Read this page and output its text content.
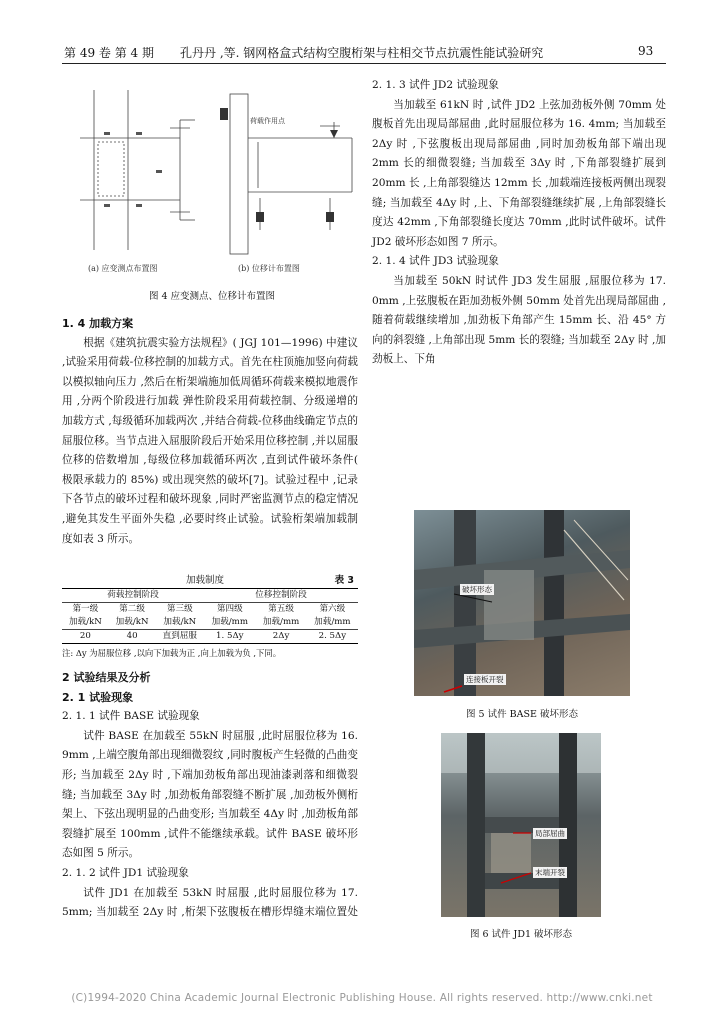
第 49 卷 第 4 期 孔丹丹 ,等. 钢网格盒式结构空腹桁架与柱相交节点抗震性能试验研究	93
荷载作用点
(a) 应变测点布置图	(b) 位移计布置图
图 4 应变测点、位移计布置图

1. 4 加载方案

根据《建筑抗震实验方法规程》( JGJ 101—1996) 中建议 ,试验采用荷载-位移控制的加载方式。首先在柱顶施加竖向荷载以模拟轴向压力 ,然后在桁架端施加低周循环荷载来模拟地震作用 ,分两个阶段进行加载 弹性阶段采用荷载控制、分级递增的加载方式 ,每级循环加载两次 ,并结合荷载-位移曲线确定节点的屈服位移。当节点进入屈服阶段后开始采用位移控制 ,并以屈服位移的倍数增加 ,每级位移加载循环两次 ,直到试件破坏条件( 极限承载力的 85%) 或出现突然的破坏[7]。试验过程中 ,记录下各节点的破坏过程和破坏现象 ,同时严密监测节点的稳定情况 ,避免其发生平面外失稳 ,必要时终止试验。试验桁架端加载制度如表 3 所示。

加载制度	表 3
荷载控制阶段			位移控制阶段		
第一级	第二级	第三级	第四级	第五级	第六级
加载/kN	加载/kN	加载/kN	加载/mm	加载/mm	加载/mm
20	40	直到屈服	1. 5Δy	2Δy	2. 5Δy
注: Δy 为屈服位移 ,以向下加载为正 ,向上加载为负 ,下同。

2 试验结果及分析

2. 1 试验现象

2. 1. 1 试件 BASE 试验现象

试件 BASE 在加载至 55kN 时屈服 ,此时屈服位移为 16. 9mm ,上端空腹角部出现细微裂纹 ,同时腹板产生轻微的凸曲变形; 当加载至 2Δy 时 ,下端加劲板角部出现油漆剥落和细微裂缝; 当加载至 3Δy 时 ,加劲板角部裂缝不断扩展 ,加劲板外侧桁架上、下弦出现明显的凸曲变形; 当加载至 4Δy 时 ,加劲板角部裂缝扩展至 100mm ,试件不能继续承载。试件 BASE 破坏形态如图 5 所示。

2. 1. 2 试件 JD1 试验现象

试件 JD1 在加载至 53kN 时屈服 ,此时屈服位移为 17. 5mm; 当加载至 2Δy 时 ,桁架下弦腹板在槽形焊缝末端位置处

2. 1. 3 试件 JD2 试验现象

当加载至 61kN 时 ,试件 JD2 上弦加劲板外侧 70mm 处腹板首先出现局部屈曲 ,此时屈服位移为 16. 4mm; 当加载至 2Δy 时 ,下弦腹板出现局部屈曲 ,同时加劲板角部下端出现 2mm 长的细微裂缝; 当加载至 3Δy 时 ,下角部裂缝扩展到 20mm 长 ,上角部裂缝达 12mm 长 ,加载端连接板两侧出现裂缝; 当加载至 4Δy 时 ,上、下角部裂缝继续扩展 ,上角部裂缝长度达 42mm ,下角部裂缝长度达 70mm ,此时试件破坏。试件 JD2 破坏形态如图 7 所示。

2. 1. 4 试件 JD3 试验现象

当加载至 50kN 时试件 JD3 发生屈服 ,屈服位移为 17. 0mm ,上弦腹板在距加劲板外侧 50mm 处首先出现局部屈曲 ,随着荷载继续增加 ,加劲板下角部产生 15mm 长、沿 45° 方向的斜裂缝 ,上角部出现 5mm 长的裂缝; 当加载至 2Δy 时 ,加劲板上、下角

破坏形态
连接板开裂
图 5 试件 BASE 破坏形态
局部屈曲
末端开裂
图 6 试件 JD1 破坏形态
(C)1994-2020 China Academic Journal Electronic Publishing House. All rights reserved. http://www.cnki.net
